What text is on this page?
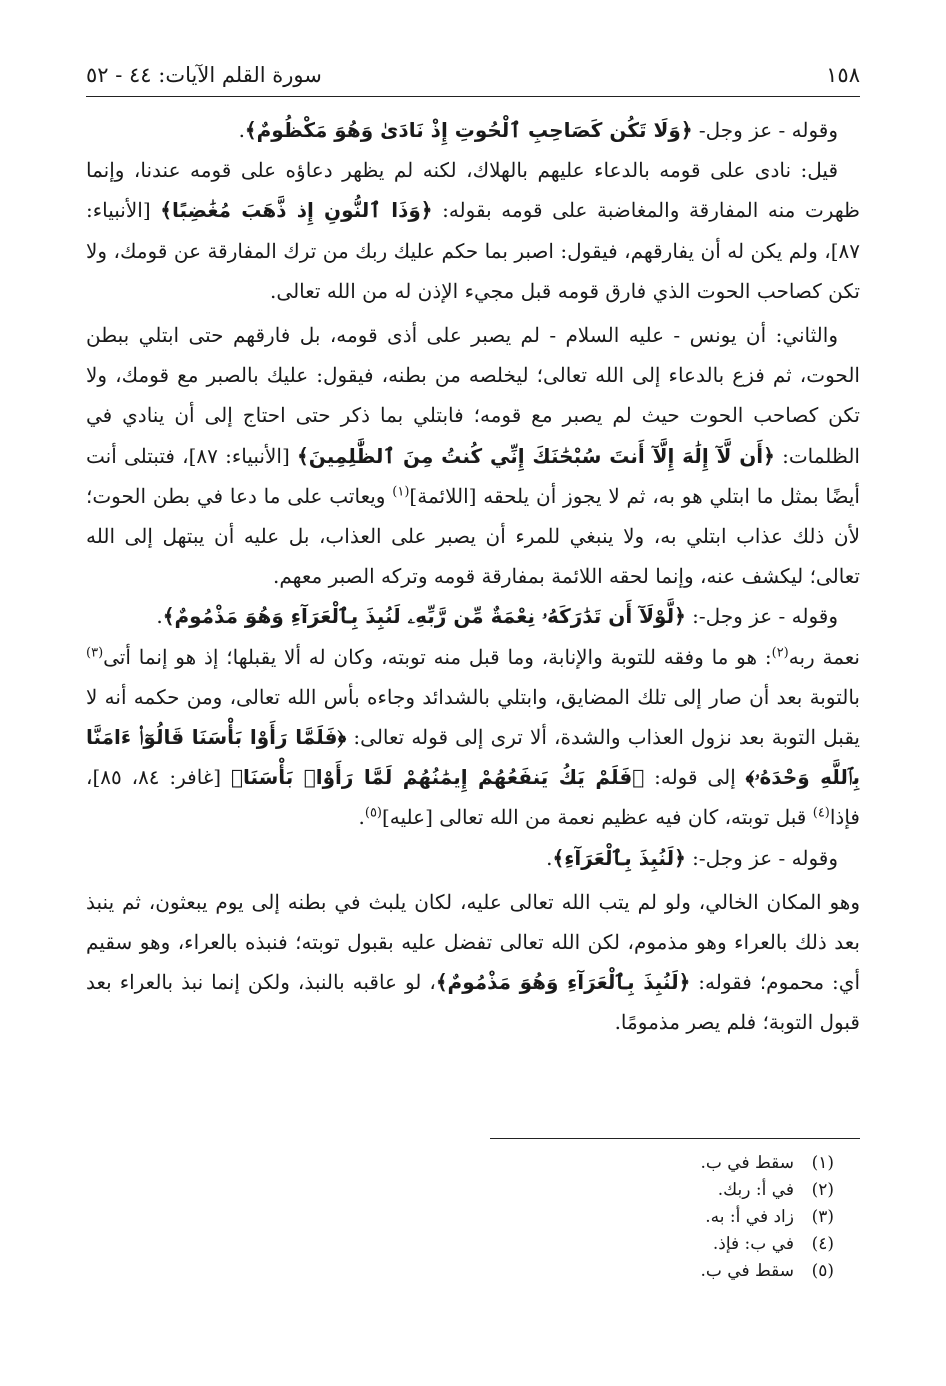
١٥٨
سورة القلم الآيات: ٤٤ - ٥٢

وقوله - عز وجل- ﴿وَلَا تَكُن كَصَاحِبِ ٱلْحُوتِ إِذْ نَادَىٰ وَهُوَ مَكْظُومٌ﴾.

قيل: نادى على قومه بالدعاء عليهم بالهلاك، لكنه لم يظهر دعاؤه على قومه عندنا، وإنما ظهرت منه المفارقة والمغاضبة على قومه بقوله: ﴿وَذَا ٱلنُّونِ إِذ ذَّهَبَ مُغَٰضِبًا﴾ [الأنبياء: ٨٧]، ولم يكن له أن يفارقهم، فيقول: اصبر بما حكم عليك ربك من ترك المفارقة عن قومك، ولا تكن كصاحب الحوت الذي فارق قومه قبل مجيء الإذن له من الله تعالى.

والثاني: أن يونس - عليه السلام - لم يصبر على أذى قومه، بل فارقهم حتى ابتلي ببطن الحوت، ثم فزع بالدعاء إلى الله تعالى؛ ليخلصه من بطنه، فيقول: عليك بالصبر مع قومك، ولا تكن كصاحب الحوت حيث لم يصبر مع قومه؛ فابتلي بما ذكر حتى احتاج إلى أن ينادي في الظلمات: ﴿أَن لَّآ إِلَٰهَ إِلَّآ أَنتَ سُبْحَٰنَكَ إِنِّي كُنتُ مِنَ ٱلظَّٰلِمِينَ﴾ [الأنبياء: ٨٧]، فتبتلى أنت أيضًا بمثل ما ابتلي هو به، ثم لا يجوز أن يلحقه [اللائمة]$^{(١)}$ ويعاتب على ما دعا في بطن الحوت؛ لأن ذلك عذاب ابتلي به، ولا ينبغي للمرء أن يصبر على العذاب، بل عليه أن يبتهل إلى الله تعالى؛ ليكشف عنه، وإنما لحقه اللائمة بمفارقة قومه وتركه الصبر معهم.

وقوله - عز وجل-: ﴿لَّوْلَآ أَن تَدَٰرَكَهُۥ نِعْمَةٌ مِّن رَّبِّهِۦ لَنُبِذَ بِٱلْعَرَآءِ وَهُوَ مَذْمُومٌ﴾.

نعمة ربه$^{(٢)}$: هو ما وفقه للتوبة والإنابة، وما قبل منه توبته، وكان له ألا يقبلها؛ إذ هو إنما أتى$^{(٣)}$ بالتوبة بعد أن صار إلى تلك المضايق، وابتلي بالشدائد وجاءه بأس الله تعالى، ومن حكمه أنه لا يقبل التوبة بعد نزول العذاب والشدة، ألا ترى إلى قوله تعالى: ﴿فَلَمَّا رَأَوْا بَأْسَنَا قَالُوٓا۟ ءَامَنَّا بِٱللَّهِ وَحْدَهُۥ﴾ إلى قوله: ﴿فَلَمْ يَكُ يَنفَعُهُمْ إِيمَٰنُهُمْ لَمَّا رَأَوْا۟ بَأْسَنَا﴾ [غافر: ٨٤، ٨٥]، فإذا$^{(٤)}$ قبل توبته، كان فيه عظيم نعمة من الله تعالى [عليه]$^{(٥)}$.

وقوله - عز وجل-: ﴿لَنُبِذَ بِٱلْعَرَآءِ﴾.

وهو المكان الخالي، ولو لم يتب الله تعالى عليه، لكان يلبث في بطنه إلى يوم يبعثون، ثم ينبذ بعد ذلك بالعراء وهو مذموم، لكن الله تعالى تفضل عليه بقبول توبته؛ فنبذه بالعراء، وهو سقيم أي: محموم؛ فقوله: ﴿لَنُبِذَ بِٱلْعَرَآءِ وَهُوَ مَذْمُومٌ﴾، لو عاقبه بالنبذ، ولكن إنما نبذ بالعراء بعد قبول التوبة؛ فلم يصر مذمومًا.

(١)
سقط في ب.
(٢)
في أ: ربك.
(٣)
زاد في أ: به.
(٤)
في ب: فإذ.
(٥)
سقط في ب.
